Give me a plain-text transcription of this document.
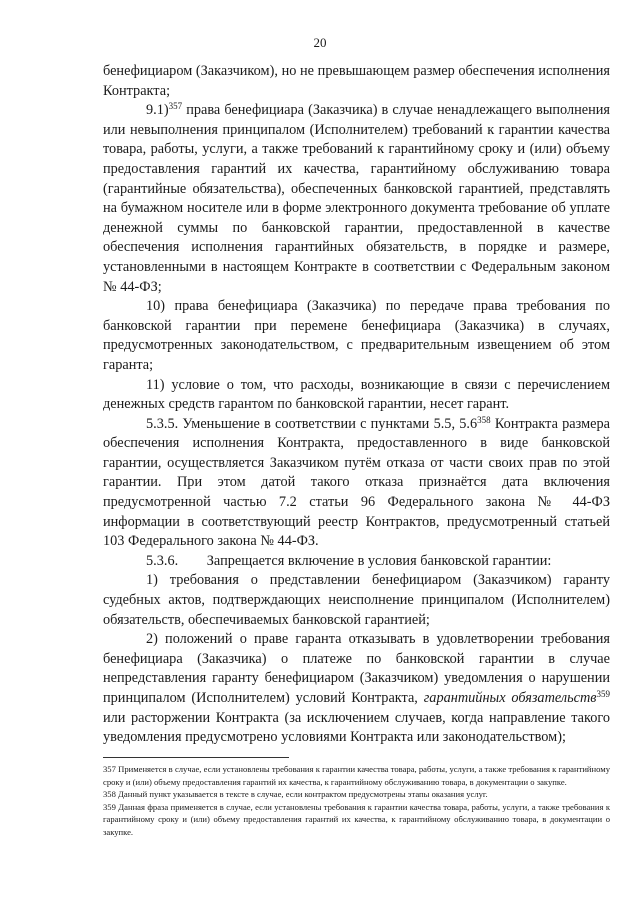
20

бенефициаром (Заказчиком), но не превышающем размер обеспечения исполнения Контракта;

9.1)$^{357}$ права бенефициара (Заказчика) в случае ненадлежащего выполнения или невыполнения принципалом (Исполнителем) требований к гарантии качества товара, работы, услуги, а также требований к гарантийному сроку и (или) объему предоставления гарантий их качества, гарантийному обслуживанию товара (гарантийные обязательства), обеспеченных банковской гарантией, представлять на бумажном носителе или в форме электронного документа требование об уплате денежной суммы по банковской гарантии, предоставленной в качестве обеспечения исполнения гарантийных обязательств, в порядке и размере, установленными в настоящем Контракте в соответствии с Федеральным законом № 44-ФЗ;

10) права бенефициара (Заказчика) по передаче права требования по банковской гарантии при перемене бенефициара (Заказчика) в случаях, предусмотренных законодательством, с предварительным извещением об этом гаранта;

11) условие о том, что расходы, возникающие в связи с перечислением денежных средств гарантом по банковской гарантии, несет гарант.

5.3.5. Уменьшение в соответствии с пунктами 5.5, $5.6^{358}$ Контракта размера обеспечения исполнения Контракта, предоставленного в виде банковской гарантии, осуществляется Заказчиком путём отказа от части своих прав по этой гарантии. При этом датой такого отказа признаётся дата включения предусмотренной частью 7.2 статьи 96 Федерального закона № 44-ФЗ информации в соответствующий реестр Контрактов, предусмотренный статьей 103 Федерального закона № 44-ФЗ.

5.3.6.        Запрещается включение в условия банковской гарантии:

1) требования о представлении бенефициаром (Заказчиком) гаранту судебных актов, подтверждающих неисполнение принципалом (Исполнителем) обязательств, обеспечиваемых банковской гарантией;

2) положений о праве гаранта отказывать в удовлетворении требования бенефициара (Заказчика) о платеже по банковской гарантии в случае непредставления гаранту бенефициаром (Заказчиком) уведомления о нарушении принципалом (Исполнителем) условий Контракта, гарантийных обязательств$^{359}$ или расторжении Контракта (за исключением случаев, когда направление такого уведомления предусмотрено условиями Контракта или законодательством);

357 Применяется в случае, если установлены требования к гарантии качества товара, работы, услуги, а также требования к гарантийному сроку и (или) объему предоставления гарантий их качества, к гарантийному обслуживанию товара, в документации о закупке.

358 Данный пункт указывается в тексте в случае, если контрактом предусмотрены этапы оказания услуг.

359 Данная фраза применяется в случае, если установлены требования к гарантии качества товара, работы, услуги, а также требования к гарантийному сроку и (или) объему предоставления гарантий их качества, к гарантийному обслуживанию товара, в документации о закупке.
